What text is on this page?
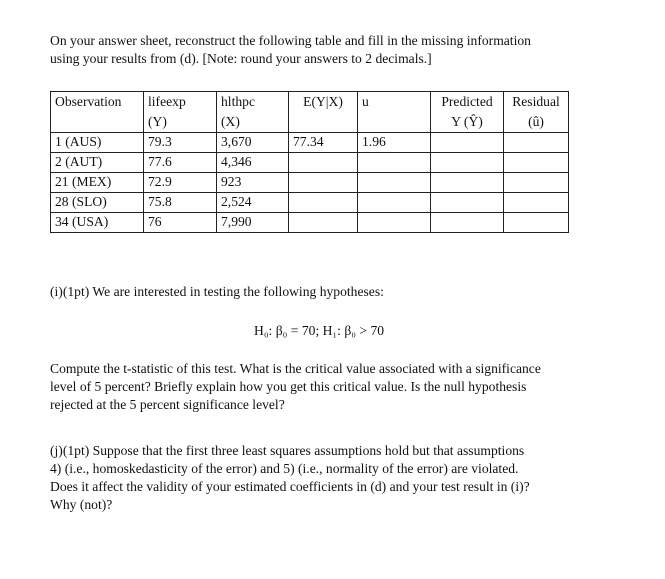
On your answer sheet, reconstruct the following table and fill in the missing information

using your results from (d). [Note: round your answers to 2 decimals.]

Observation	lifeexp	hlthpc	E(Y|X)	u	Predicted	Residual
	(Y)	(X)			Y (Ŷ)	(û)
1 (AUS)	79.3	3,670	77.34	1.96		
2 (AUT)	77.6	4,346				
21 (MEX)	72.9	923				
28 (SLO)	75.8	2,524				
34 (USA)	76	7,990				
(i)(1pt) We are interested in testing the following hypotheses:
H₀: β₀ = 70; H₁: β₀ > 70

Compute the t-statistic of this test. What is the critical value associated with a significance

level of 5 percent? Briefly explain how you get this critical value. Is the null hypothesis

rejected at the 5 percent significance level?

(j)(1pt) Suppose that the first three least squares assumptions hold but that assumptions

4) (i.e., homoskedasticity of the error) and 5) (i.e., normality of the error) are violated.

Does it affect the validity of your estimated coefficients in (d) and your test result in (i)?

Why (not)?
